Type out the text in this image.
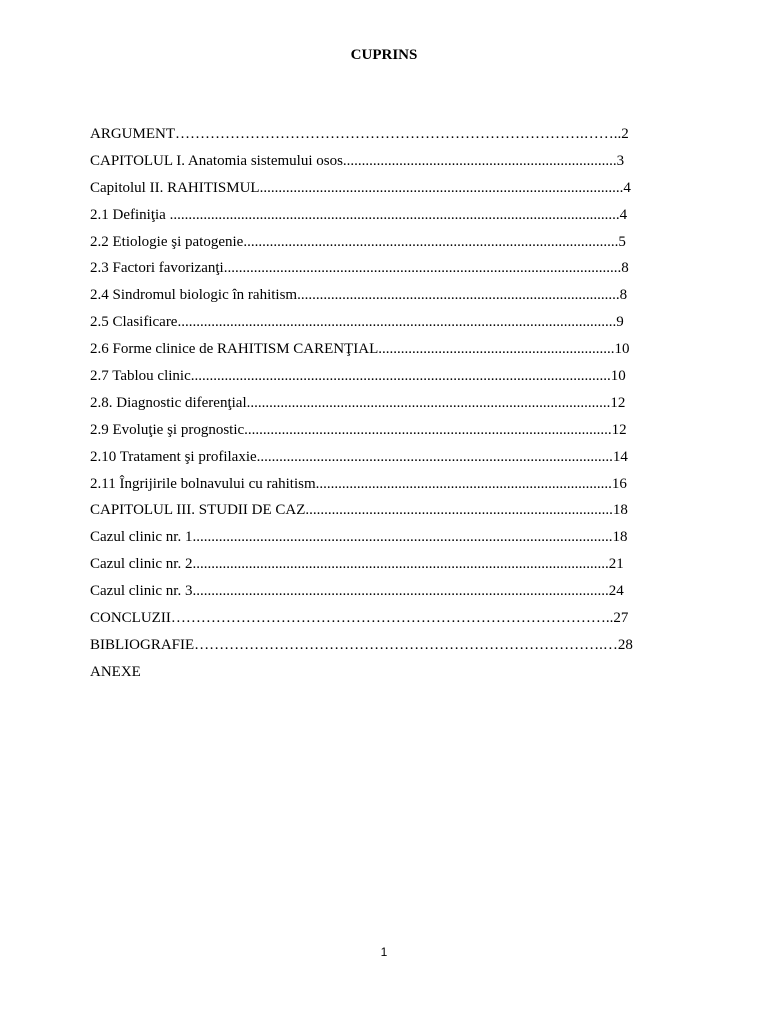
CUPRINS
ARGUMENT……………………………………………………………………….……..2
CAPITOLUL I. Anatomia sistemului osos.........................................................................3
Capitolul II. RAHITISMUL.................................................................................................4
2.1 Definiţia ........................................................................................................................4
2.2 Etiologie şi patogenie....................................................................................................5
2.3 Factori favorizanţi..........................................................................................................8
2.4 Sindromul biologic în rahitism......................................................................................8
2.5 Clasificare.....................................................................................................................9
2.6 Forme clinice de RAHITISM CARENŢIAL...............................................................10
2.7 Tablou clinic................................................................................................................10
2.8. Diagnostic diferenţial.................................................................................................12
2.9 Evoluţie şi prognostic..................................................................................................12
2.10 Tratament şi profilaxie...............................................................................................14
2.11 Îngrijirile bolnavului cu rahitism...............................................................................16
CAPITOLUL III. STUDII DE CAZ..................................................................................18
Cazul clinic nr. 1................................................................................................................18
Cazul clinic nr. 2...............................................................................................................21
Cazul clinic nr. 3...............................................................................................................24
CONCLUZII……………………………………………………………………………..27
BIBLIOGRAFIE……………………………………………………………………….…28
ANEXE
1
